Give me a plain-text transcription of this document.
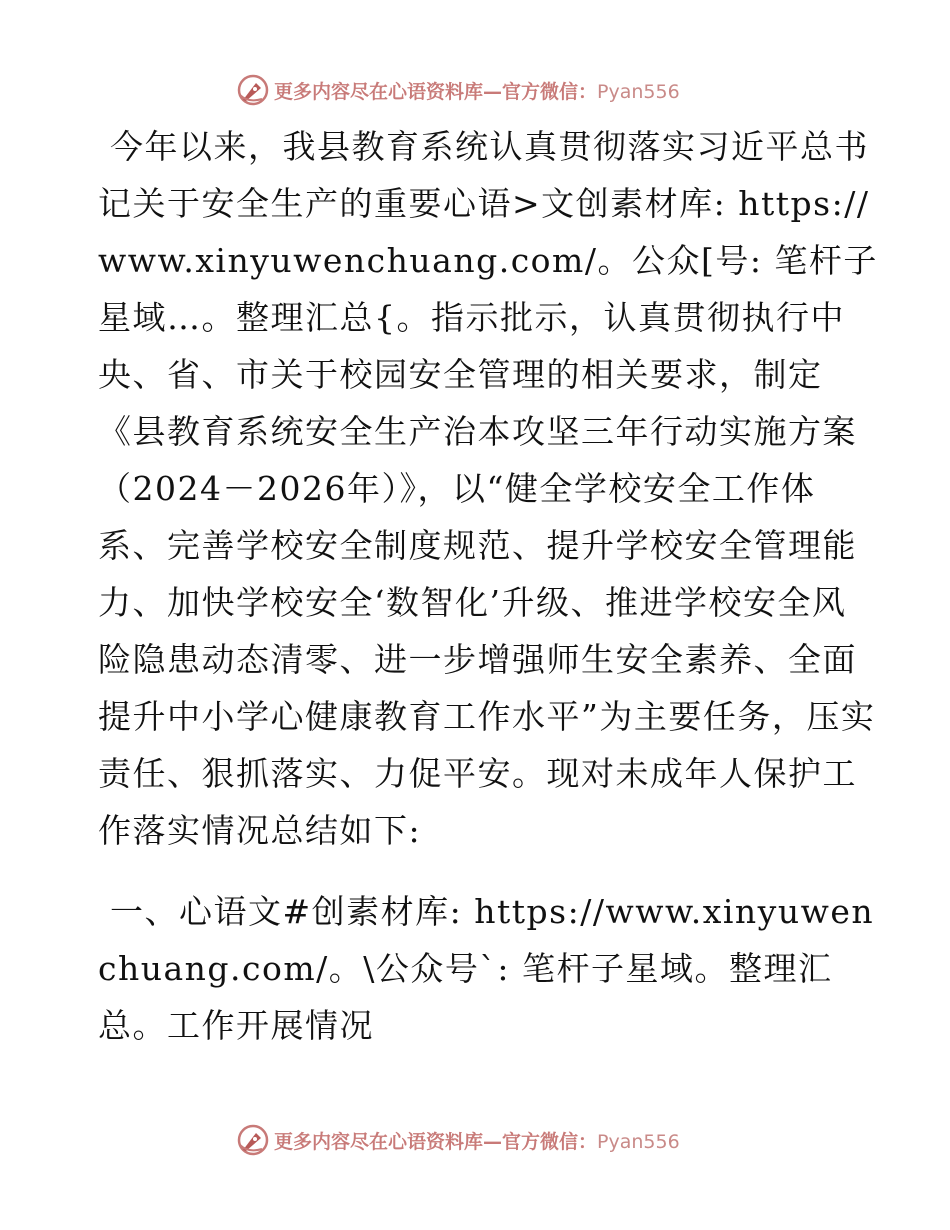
更多内容尽在心语资料库—官方微信：Pyan556

今年以来，我县教育系统认真贯彻落实习近平总书记关于安全生产的重要心语>文创素材库: https://www.xinyuwenchuang.com/。公众[号: 笔杆子星域…。整理汇总{。指示批示，认真贯彻执行中央、省、市关于校园安全管理的相关要求，制定《县教育系统安全生产治本攻坚三年行动实施方案（2024－2026年）》，以“健全学校安全工作体系、完善学校安全制度规范、提升学校安全管理能力、加快学校安全‘数智化’升级、推进学校安全风险隐患动态清零、进一步增强师生安全素养、全面提升中小学心健康教育工作水平”为主要任务，压实责任、狠抓落实、力促平安。现对未成年人保护工作落实情况总结如下:

一、心语文#创素材库: https://www.xinyuwenchuang.com/。\公众号`: 笔杆子星域。整理汇总。工作开展情况

更多内容尽在心语资料库—官方微信：Pyan556
